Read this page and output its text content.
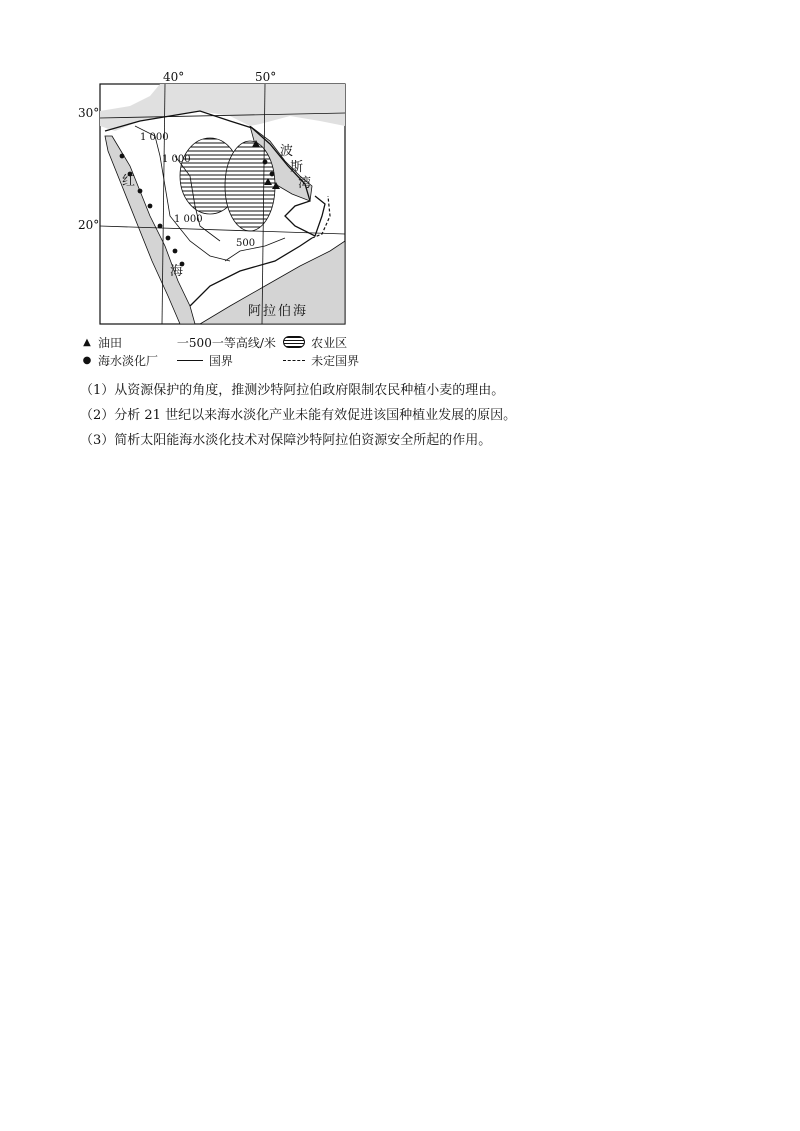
40°	50°
30°
20°
1 000
1 000
1 000
500
红
海
波
斯
湾
阿拉伯海
▲ 油田	一500一等高线/米	农业区
● 海水淡化厂	国界	未定国界
（1）从资源保护的角度，推测沙特阿拉伯政府限制农民种植小麦的理由。
（2）分析 21 世纪以来海水淡化产业未能有效促进该国种植业发展的原因。
（3）简析太阳能海水淡化技术对保障沙特阿拉伯资源安全所起的作用。
